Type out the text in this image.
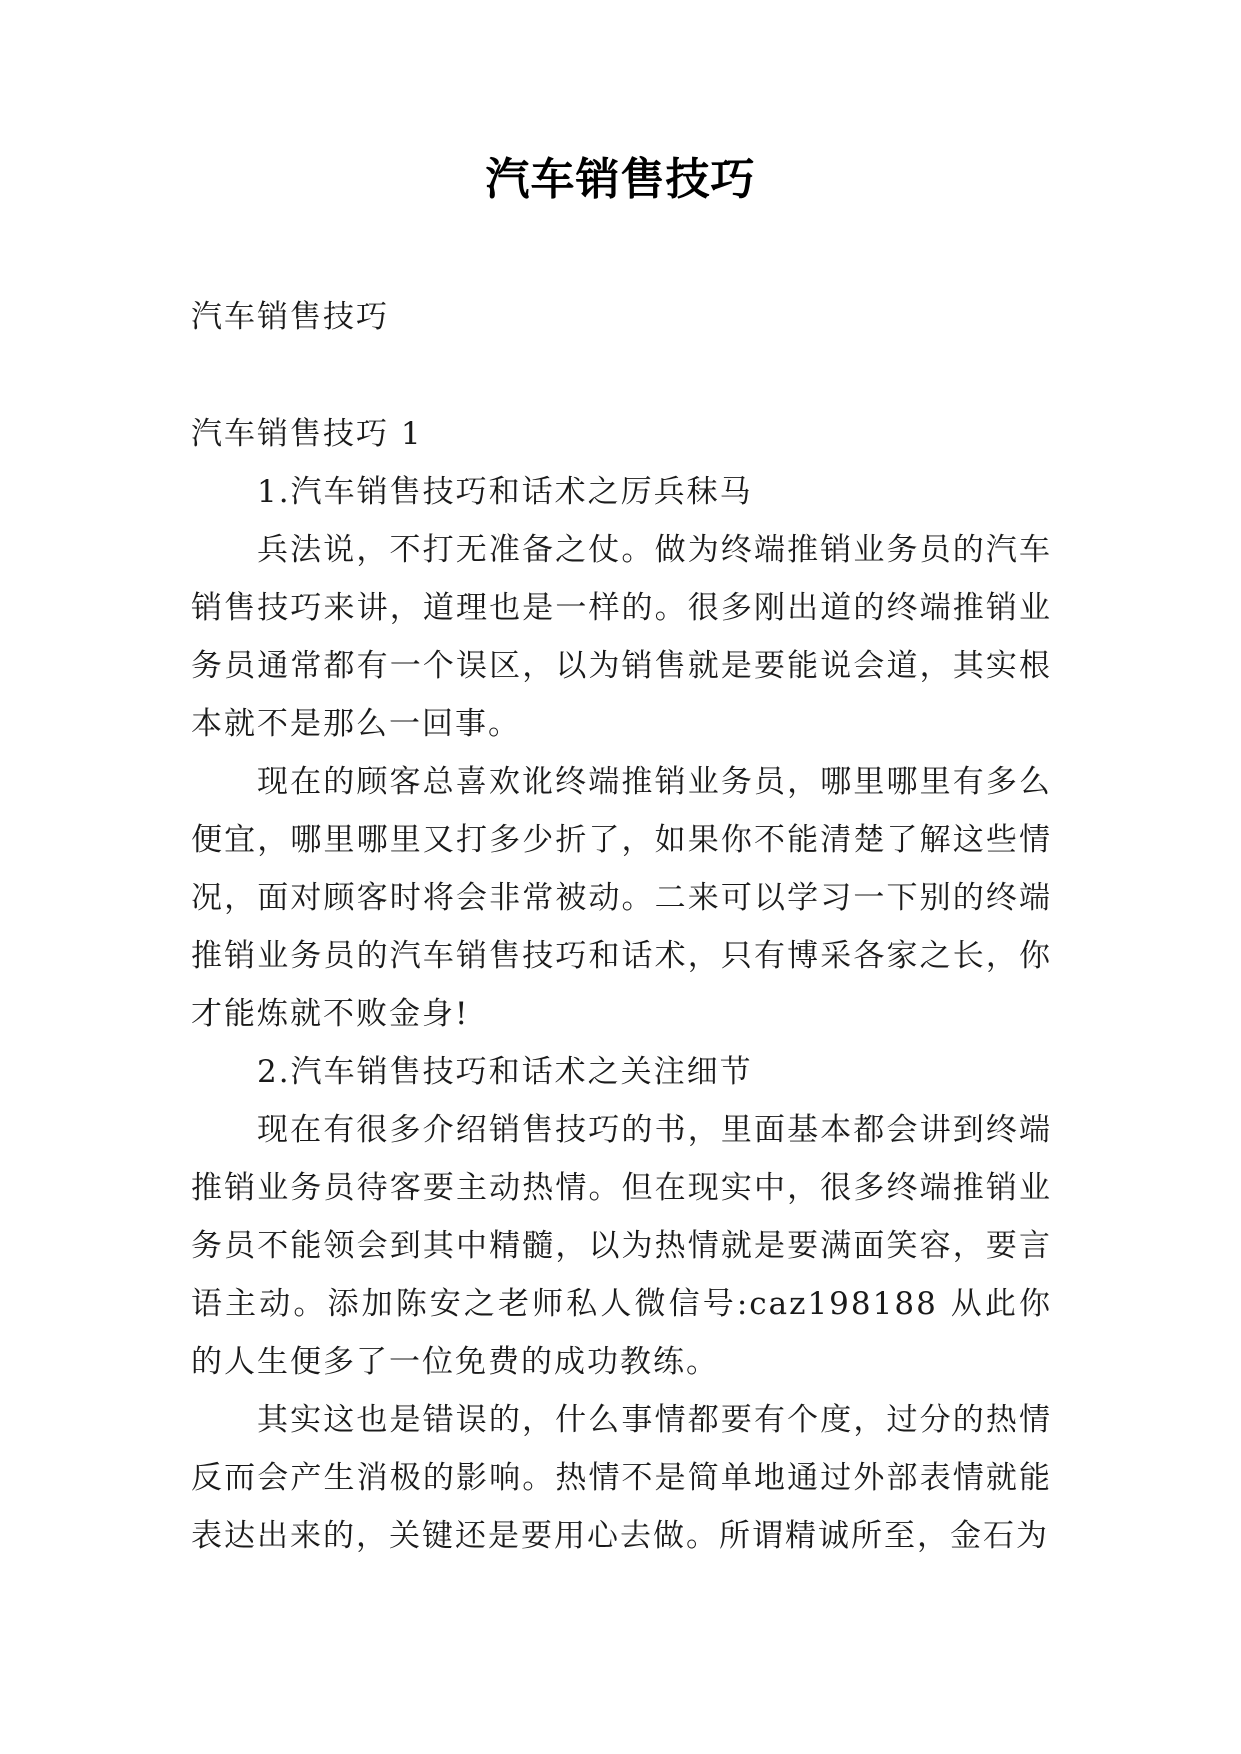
汽车销售技巧

汽车销售技巧

汽车销售技巧 1

1.汽车销售技巧和话术之厉兵秣马

兵法说，不打无准备之仗。做为终端推销业务员的汽车销售技巧来讲，道理也是一样的。很多刚出道的终端推销业务员通常都有一个误区，以为销售就是要能说会道，其实根本就不是那么一回事。

现在的顾客总喜欢讹终端推销业务员，哪里哪里有多么便宜，哪里哪里又打多少折了，如果你不能清楚了解这些情况，面对顾客时将会非常被动。二来可以学习一下别的终端推销业务员的汽车销售技巧和话术，只有博采各家之长，你才能炼就不败金身!

2.汽车销售技巧和话术之关注细节

现在有很多介绍销售技巧的书，里面基本都会讲到终端推销业务员待客要主动热情。但在现实中，很多终端推销业务员不能领会到其中精髓，以为热情就是要满面笑容，要言语主动。添加陈安之老师私人微信号:caz198188 从此你的人生便多了一位免费的成功教练。

其实这也是错误的，什么事情都要有个度，过分的热情反而会产生消极的影响。热情不是简单地通过外部表情就能表达出来的，关键还是要用心去做。所谓精诚所至，金石为
